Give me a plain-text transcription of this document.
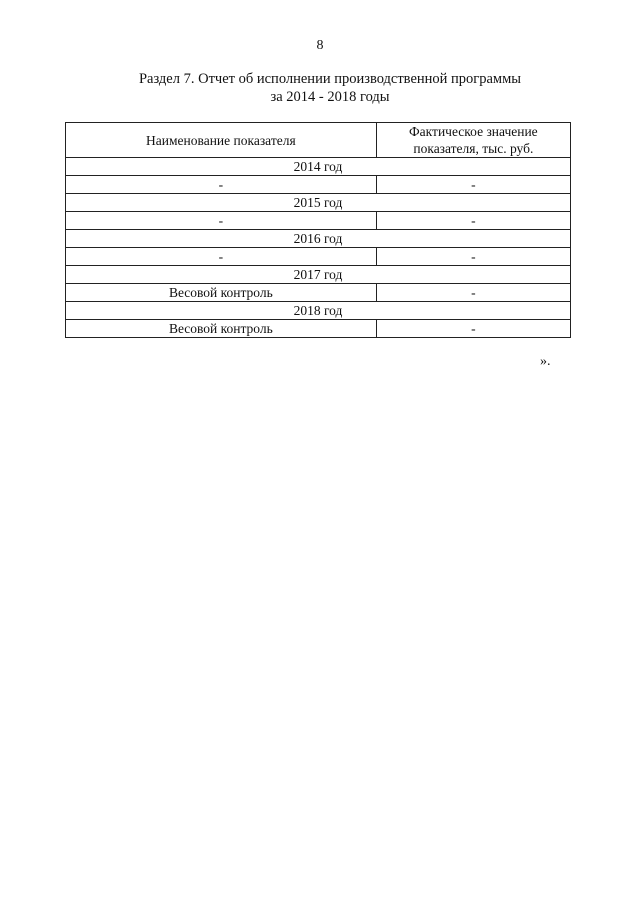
8
Раздел 7. Отчет об исполнении производственной программы
за 2014 - 2018 годы
Наименование показателя	Фактическое значение показателя, тыс. руб.
2014 год	
-	-
2015 год	
-	-
2016 год	
-	-
2017 год	
Весовой контроль	-
2018 год	
Весовой контроль	-
».
